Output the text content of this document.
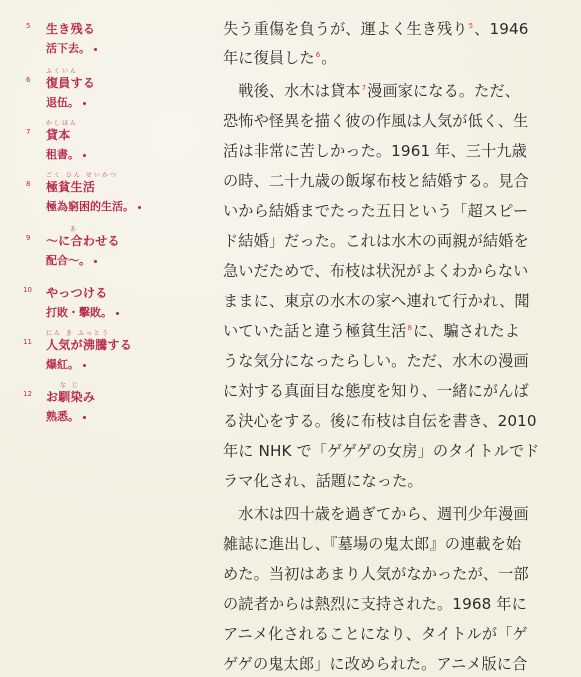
5 生き残る
活下去。
ふくいん
6 復員する
退伍。
かしほん
7 貸本
租書。
ごく ひん せいかつ
8 極貧生活
極為窮困的生活。
あ
9 ～に合わせる
配合～。
10 やっつける
打敗・擊敗。
にん き ふっとう
11 人気が沸騰する
爆紅。
な じ
12 お馴染み
熟悉。
失う重傷を負うが、運よく生き残り$^5$、1946
年に復員した$^6$。
　戦後、水木は貸本$^7$漫画家になる。ただ、
恐怖や怪異を描く彼の作風は人気が低く、生
活は非常に苦しかった。1961 年、三十九歳
の時、二十九歳の飯塚布枝と結婚する。見合
いから結婚までたった五日という「超スピー
ド結婚」だった。これは水木の両親が結婚を
急いだためで、布枝は状況がよくわからない
ままに、東京の水木の家へ連れて行かれ、聞
いていた話と違う極貧生活$^8$に、騙されたよ
うな気分になったらしい。ただ、水木の漫画
に対する真面目な態度を知り、一緒にがんば
る決心をする。後に布枝は自伝を書き、2010
年に NHK で「ゲゲゲの女房」のタイトルでド
ラマ化され、話題になった。
　水木は四十歳を過ぎてから、週刊少年漫画
雑誌に進出し、『墓場の鬼太郎』の連載を始
めた。当初はあまり人気がなかったが、一部
の読者からは熱烈に支持された。1968 年に
アニメ化されることになり、タイトルが「ゲ
ゲゲの鬼太郎」に改められた。アニメ版に合
